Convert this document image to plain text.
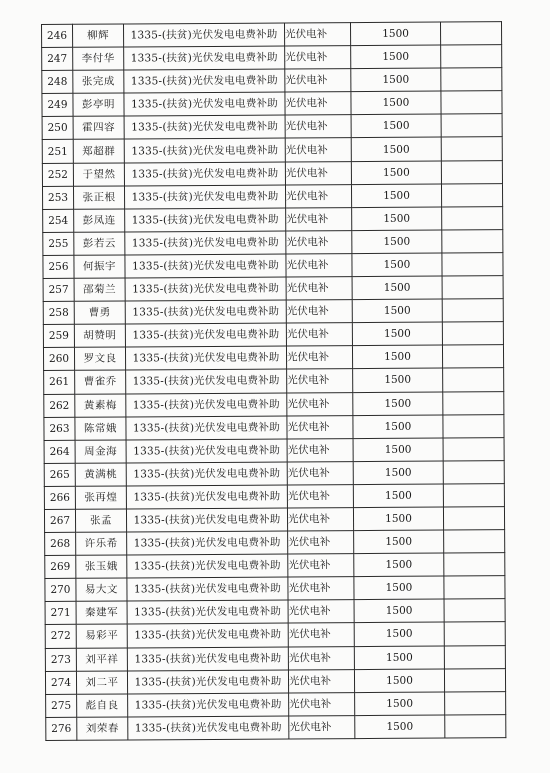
246	柳辉	1335-(扶贫)光伏发电电费补助	光伏电补	1500	
247	李付华	1335-(扶贫)光伏发电电费补助	光伏电补	1500	
248	张完成	1335-(扶贫)光伏发电电费补助	光伏电补	1500	
249	彭亭明	1335-(扶贫)光伏发电电费补助	光伏电补	1500	
250	霍四容	1335-(扶贫)光伏发电电费补助	光伏电补	1500	
251	郑超群	1335-(扶贫)光伏发电电费补助	光伏电补	1500	
252	于望然	1335-(扶贫)光伏发电电费补助	光伏电补	1500	
253	张正根	1335-(扶贫)光伏发电电费补助	光伏电补	1500	
254	彭凤连	1335-(扶贫)光伏发电电费补助	光伏电补	1500	
255	彭若云	1335-(扶贫)光伏发电电费补助	光伏电补	1500	
256	何振宇	1335-(扶贫)光伏发电电费补助	光伏电补	1500	
257	邵菊兰	1335-(扶贫)光伏发电电费补助	光伏电补	1500	
258	曹勇	1335-(扶贫)光伏发电电费补助	光伏电补	1500	
259	胡赞明	1335-(扶贫)光伏发电电费补助	光伏电补	1500	
260	罗文良	1335-(扶贫)光伏发电电费补助	光伏电补	1500	
261	曹雀乔	1335-(扶贫)光伏发电电费补助	光伏电补	1500	
262	黄素梅	1335-(扶贫)光伏发电电费补助	光伏电补	1500	
263	陈常娥	1335-(扶贫)光伏发电电费补助	光伏电补	1500	
264	周金海	1335-(扶贫)光伏发电电费补助	光伏电补	1500	
265	黄满桃	1335-(扶贫)光伏发电电费补助	光伏电补	1500	
266	张再煌	1335-(扶贫)光伏发电电费补助	光伏电补	1500	
267	张孟	1335-(扶贫)光伏发电电费补助	光伏电补	1500	
268	许乐希	1335-(扶贫)光伏发电电费补助	光伏电补	1500	
269	张玉娥	1335-(扶贫)光伏发电电费补助	光伏电补	1500	
270	易大文	1335-(扶贫)光伏发电电费补助	光伏电补	1500	
271	秦建军	1335-(扶贫)光伏发电电费补助	光伏电补	1500	
272	易彩平	1335-(扶贫)光伏发电电费补助	光伏电补	1500	
273	刘平祥	1335-(扶贫)光伏发电电费补助	光伏电补	1500	
274	刘二平	1335-(扶贫)光伏发电电费补助	光伏电补	1500	
275	彪自良	1335-(扶贫)光伏发电电费补助	光伏电补	1500	
276	刘荣春	1335-(扶贫)光伏发电电费补助	光伏电补	1500	
